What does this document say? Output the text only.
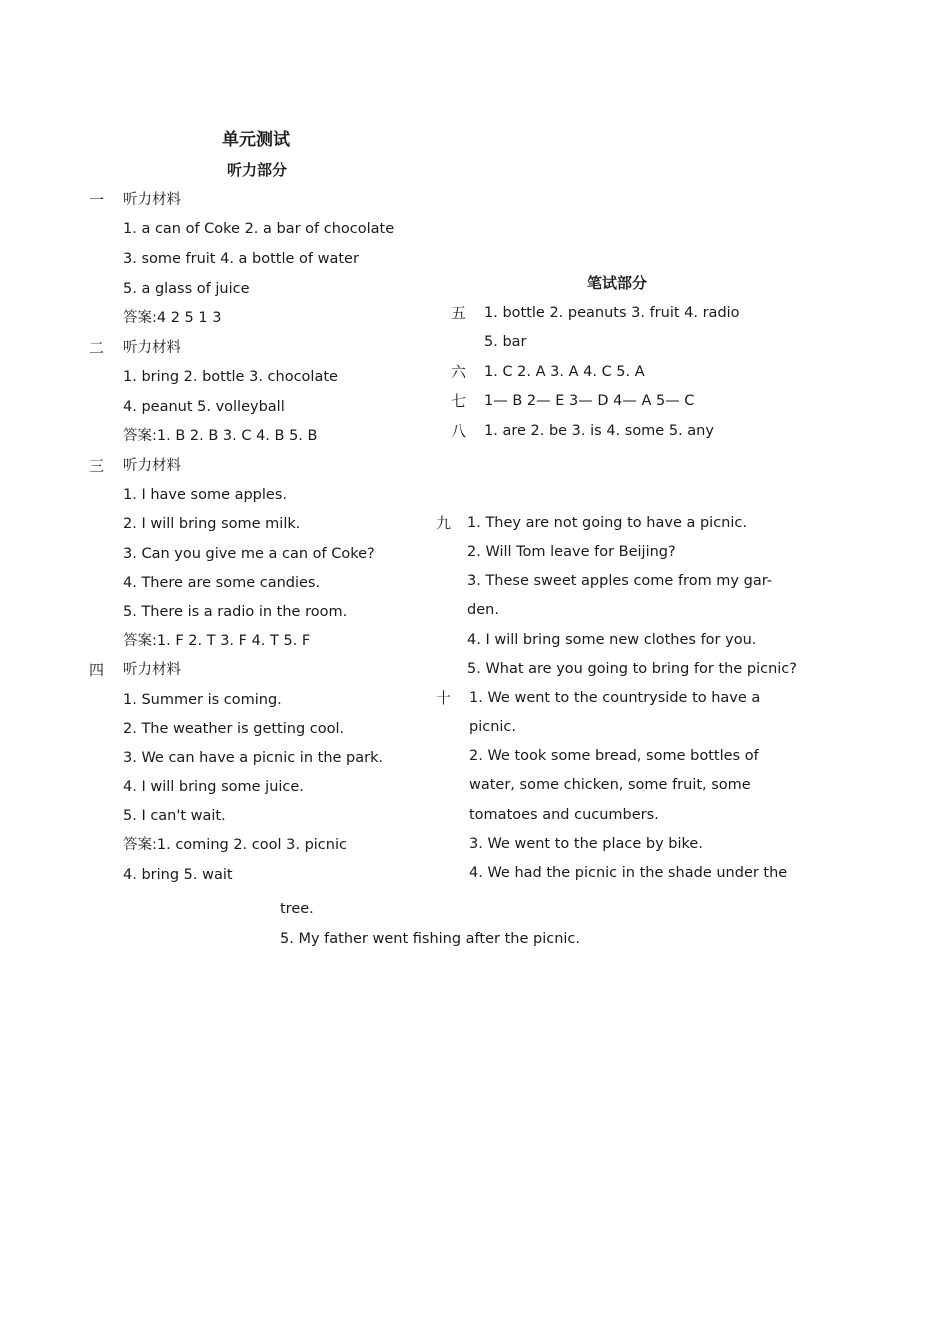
单元测试
听力部分
一 听力材料
1. a can of Coke 2. a bar of chocolate
3. some fruit 4. a bottle of water
5. a glass of juice
答案:4 2 5 1 3
二 听力材料
1. bring 2. bottle 3. chocolate
4. peanut 5. volleyball
答案:1. B 2. B 3. C 4. B 5. B
三 听力材料
1. I have some apples.
2. I will bring some milk.
3. Can you give me a can of Coke?
4. There are some candies.
5. There is a radio in the room.
答案:1. F 2. T 3. F 4. T 5. F
四 听力材料
1. Summer is coming.
2. The weather is getting cool.
3. We can have a picnic in the park.
4. I will bring some juice.
5. I can't wait.
答案:1. coming 2. cool 3. picnic
4. bring 5. wait
笔试部分
五 1. bottle 2. peanuts 3. fruit 4. radio
5. bar
六 1. C 2. A 3. A 4. C 5. A
七 1— B 2— E 3— D 4— A 5— C
八 1. are 2. be 3. is 4. some 5. any
九 1. They are not going to have a picnic.
2. Will Tom leave for Beijing?
3. These sweet apples come from my gar-
den.
4. I will bring some new clothes for you.
5. What are you going to bring for the picnic?
十 1. We went to the countryside to have a
picnic.
2. We took some bread, some bottles of
water, some chicken, some fruit, some
tomatoes and cucumbers.
3. We went to the place by bike.
4. We had the picnic in the shade under the
tree.
5. My father went fishing after the picnic.
